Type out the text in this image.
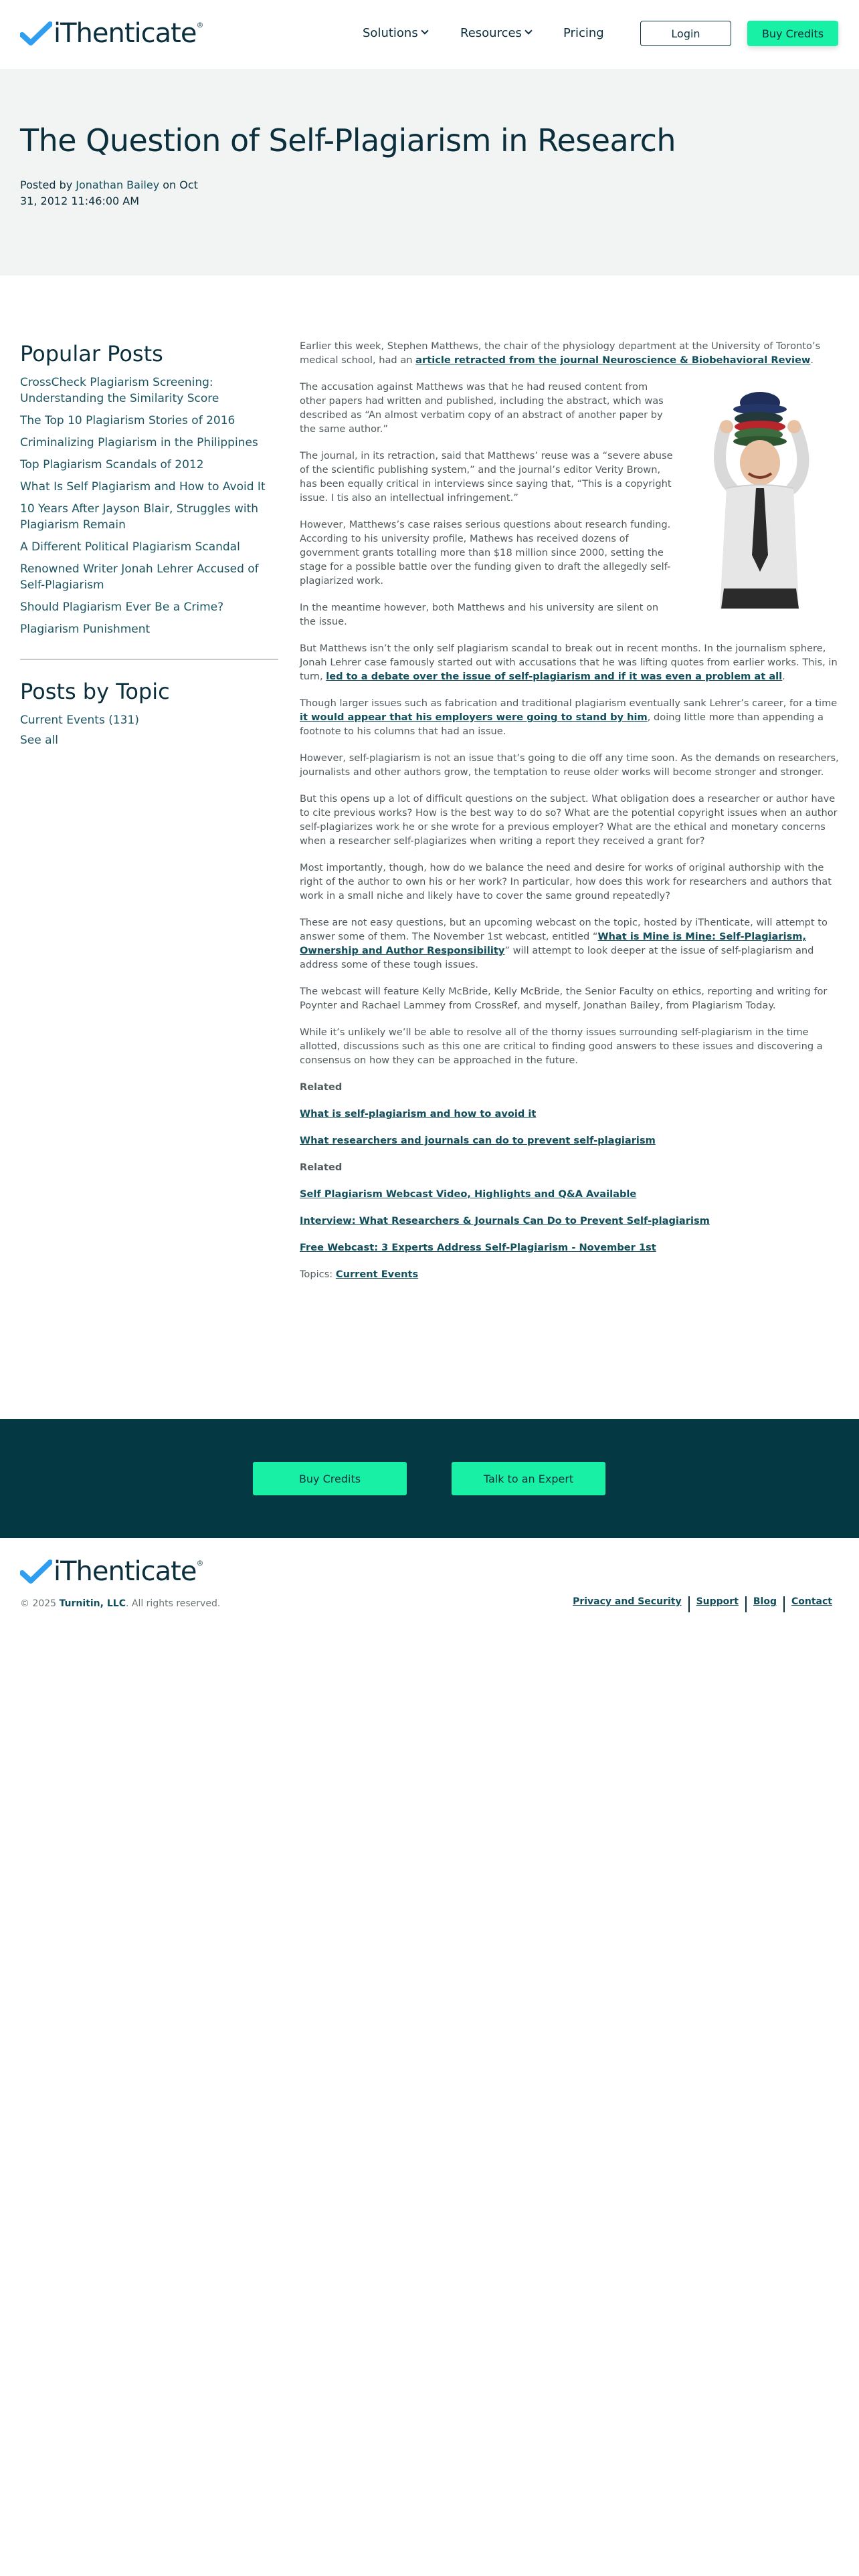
iThenticate ®
Solutions	Resources	Pricing	Login	Buy Credits
The Question of Self-Plagiarism in Research
Posted by Jonathan Bailey on Oct 31, 2012 11:46:00 AM
Popular Posts
CrossCheck Plagiarism Screening: Understanding the Similarity Score
The Top 10 Plagiarism Stories of 2016
Criminalizing Plagiarism in the Philippines
Top Plagiarism Scandals of 2012
What Is Self Plagiarism and How to Avoid It
10 Years After Jayson Blair, Struggles with Plagiarism Remain
A Different Political Plagiarism Scandal
Renowned Writer Jonah Lehrer Accused of Self-Plagiarism
Should Plagiarism Ever Be a Crime?
Plagiarism Punishment
Posts by Topic
Current Events (131)
See all

Earlier this week, Stephen Matthews, the chair of the physiology department at the University of Toronto’s medical school, had an article retracted from the journal Neuroscience & Biobehavioral Review.

The accusation against Matthews was that he had reused content from other papers had written and published, including the abstract, which was described as “An almost verbatim copy of an abstract of another paper by the same author.”

The journal, in its retraction, said that Matthews’ reuse was a “severe abuse of the scientific publishing system,” and the journal’s editor Verity Brown, has been equally critical in interviews since saying that, “This is a copyright issue. I tis also an intellectual infringement.”

However, Matthews’s case raises serious questions about research funding. According to his university profile, Mathews has received dozens of government grants totalling more than $18 million since 2000, setting the stage for a possible battle over the funding given to draft the allegedly self-plagiarized work.

In the meantime however, both Matthews and his university are silent on the issue.

But Matthews isn’t the only self plagiarism scandal to break out in recent months. In the journalism sphere, Jonah Lehrer case famously started out with accusations that he was lifting quotes from earlier works. This, in turn, led to a debate over the issue of self-plagiarism and if it was even a problem at all.

Though larger issues such as fabrication and traditional plagiarism eventually sank Lehrer’s career, for a time it would appear that his employers were going to stand by him, doing little more than appending a footnote to his columns that had an issue.

However, self-plagiarism is not an issue that’s going to die off any time soon. As the demands on researchers, journalists and other authors grow, the temptation to reuse older works will become stronger and stronger.

But this opens up a lot of difficult questions on the subject. What obligation does a researcher or author have to cite previous works? How is the best way to do so? What are the potential copyright issues when an author self-plagiarizes work he or she wrote for a previous employer? What are the ethical and monetary concerns when a researcher self-plagiarizes when writing a report they received a grant for?

Most importantly, though, how do we balance the need and desire for works of original authorship with the right of the author to own his or her work? In particular, how does this work for researchers and authors that work in a small niche and likely have to cover the same ground repeatedly?

These are not easy questions, but an upcoming webcast on the topic, hosted by iThenticate, will attempt to answer some of them. The November 1st webcast, entitled “What is Mine is Mine: Self-Plagiarism, Ownership and Author Responsibility” will attempt to look deeper at the issue of self-plagiarism and address some of these tough issues.

The webcast will feature Kelly McBride, Kelly McBride, the Senior Faculty on ethics, reporting and writing for Poynter and Rachael Lammey from CrossRef, and myself, Jonathan Bailey, from Plagiarism Today.

While it’s unlikely we’ll be able to resolve all of the thorny issues surrounding self-plagiarism in the time allotted, discussions such as this one are critical to finding good answers to these issues and discovering a consensus on how they can be approached in the future.

Related

What is self-plagiarism and how to avoid it

What researchers and journals can do to prevent self-plagiarism

Related

Self Plagiarism Webcast Video, Highlights and Q&A Available

Interview: What Researchers & Journals Can Do to Prevent Self-plagiarism

Free Webcast: 3 Experts Address Self-Plagiarism - November 1st

Topics: Current Events

Buy Credits	Talk to an Expert
iThenticate ®
© 2025 Turnitin, LLC. All rights reserved.	Privacy and Security	Support	Blog	Contact
